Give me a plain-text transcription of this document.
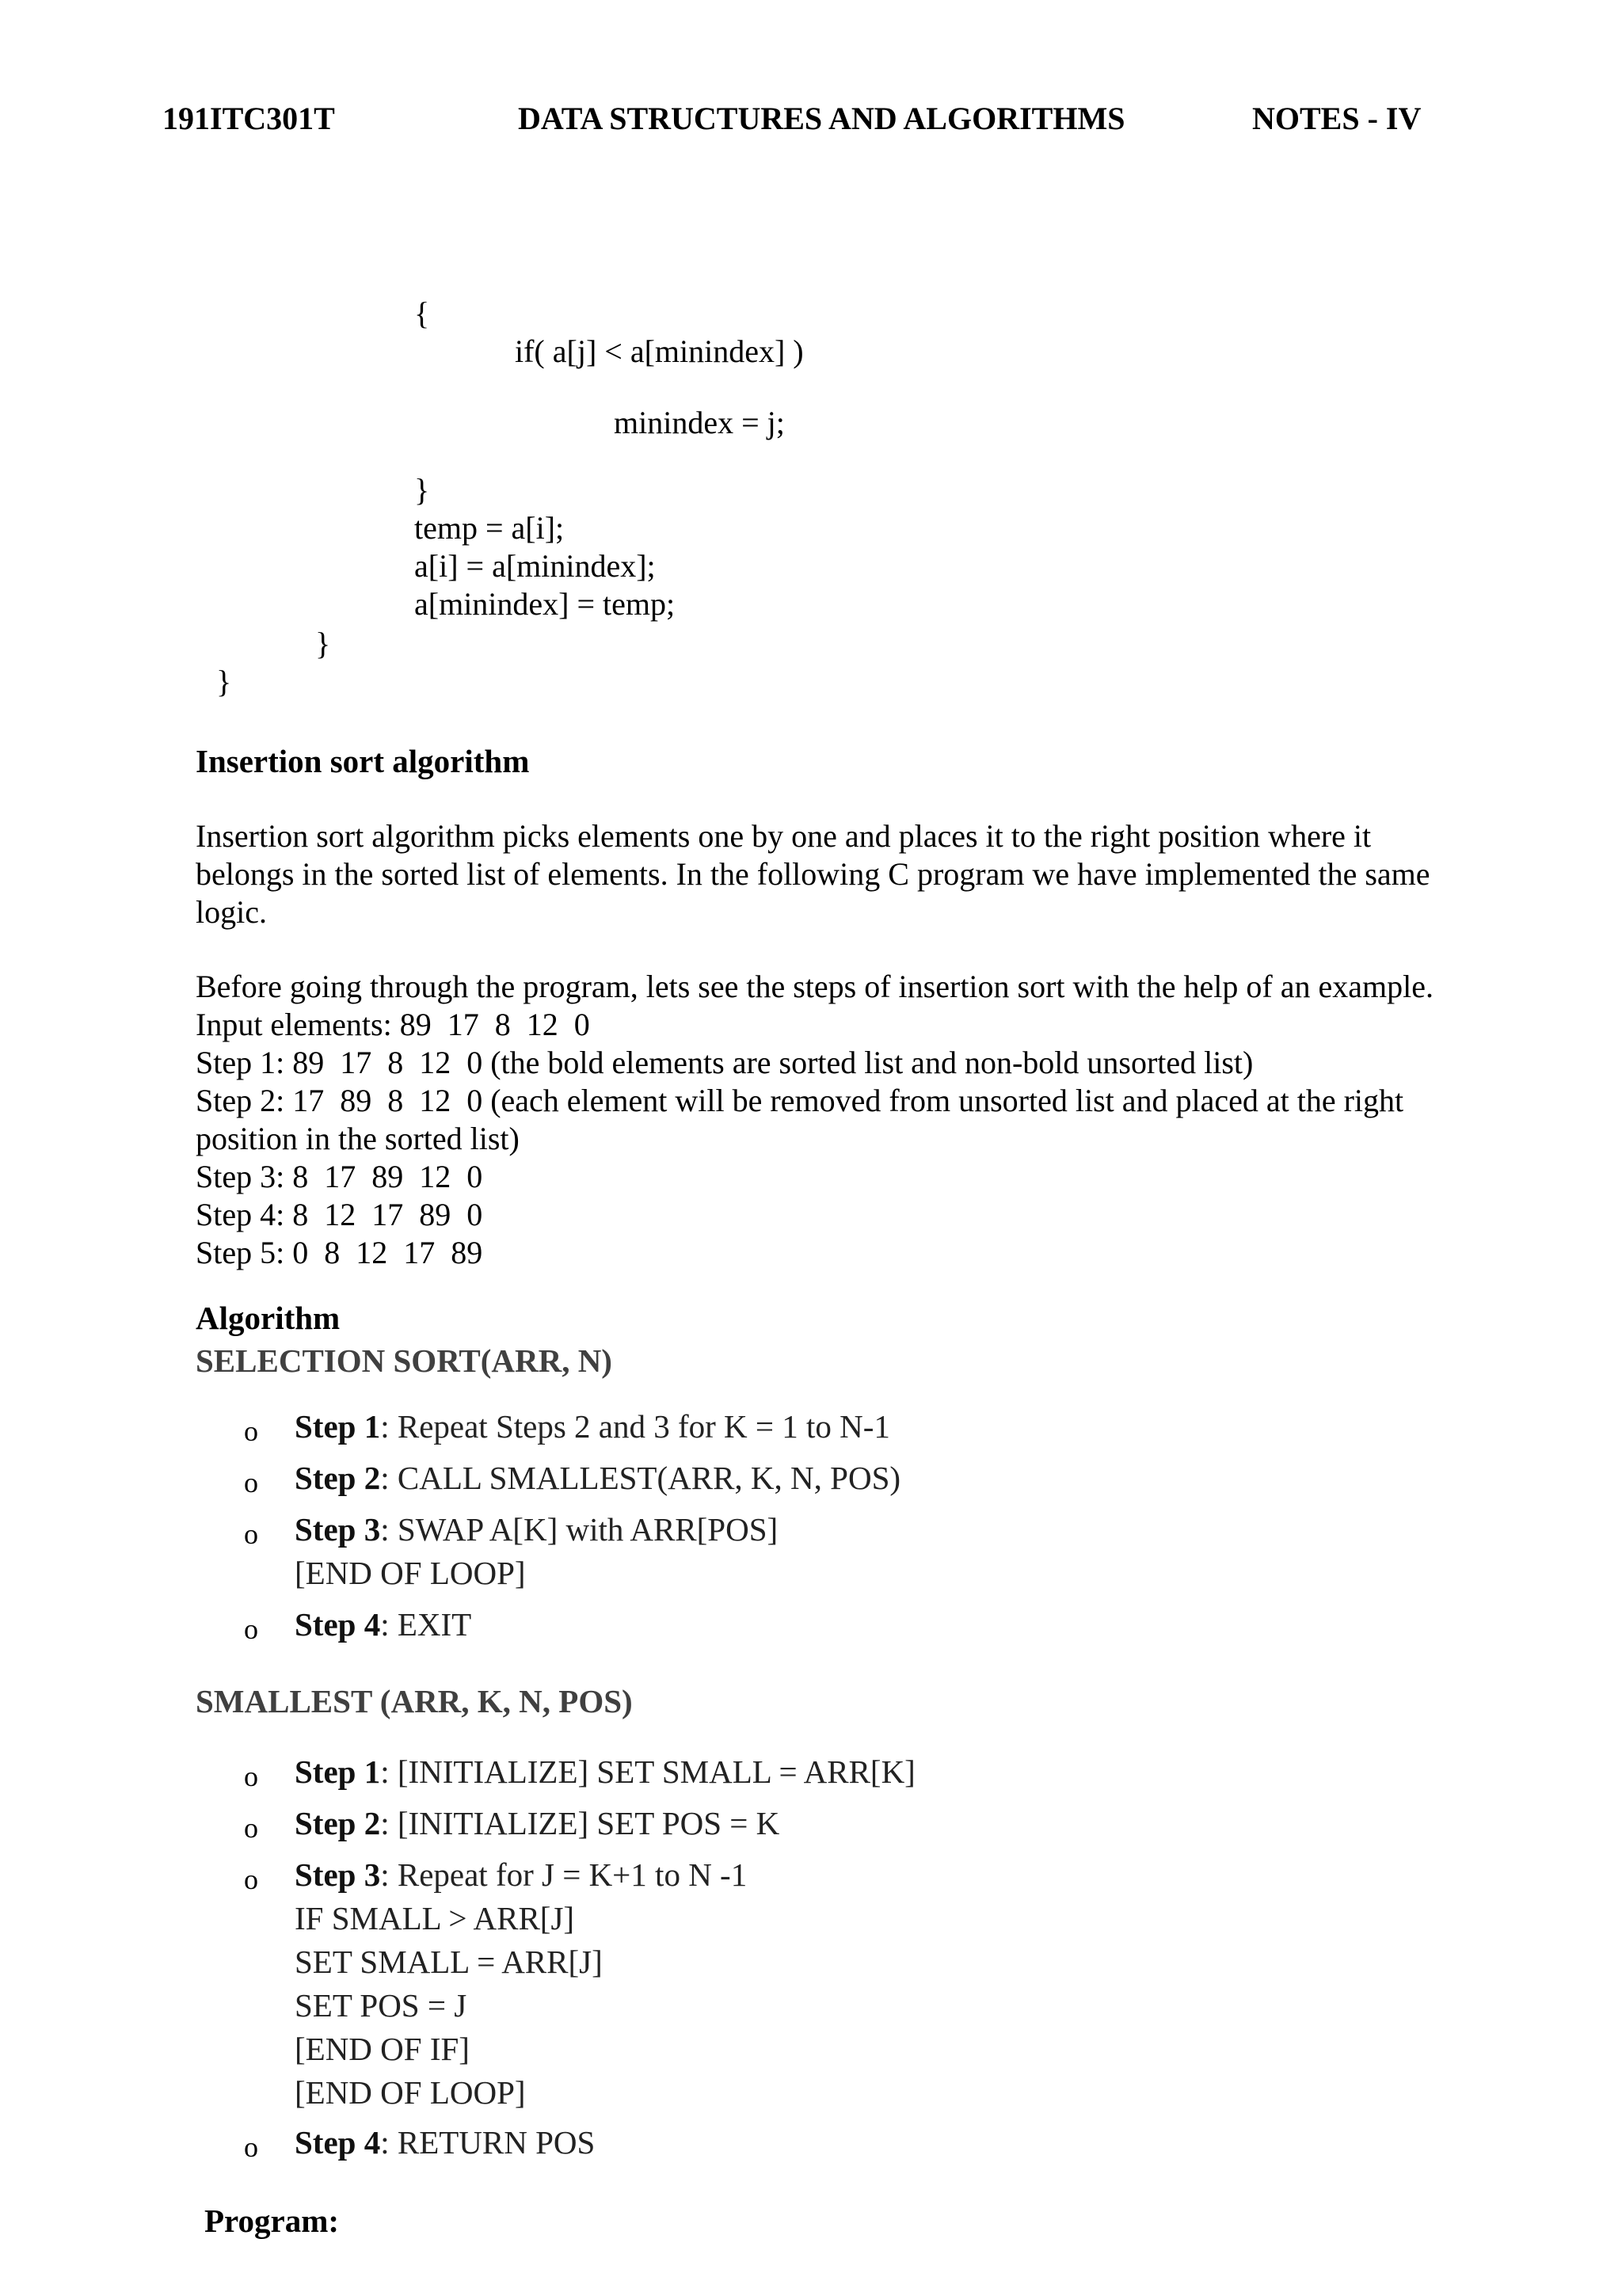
191ITC301T	DATA STRUCTURES AND ALGORITHMS	NOTES - IV
{
if( a[j] < a[minindex] )
minindex = j;
}
temp = a[i];
a[i] = a[minindex];
a[minindex] = temp;
}
}
Insertion sort algorithm
Insertion sort algorithm picks elements one by one and places it to the right position where it
belongs in the sorted list of elements. In the following C program we have implemented the same
logic.
Before going through the program, lets see the steps of insertion sort with the help of an example.
Input elements: 89  17  8  12  0
Step 1: 89  17  8  12  0 (the bold elements are sorted list and non-bold unsorted list)
Step 2: 17  89  8  12  0 (each element will be removed from unsorted list and placed at the right
position in the sorted list)
Step 3: 8  17  89  12  0
Step 4: 8  12  17  89  0
Step 5: 0  8  12  17  89
Algorithm
SELECTION SORT(ARR, N)
o Step 1: Repeat Steps 2 and 3 for K = 1 to N-1
o Step 2: CALL SMALLEST(ARR, K, N, POS)
o Step 3: SWAP A[K] with ARR[POS]
[END OF LOOP]
o Step 4: EXIT
SMALLEST (ARR, K, N, POS)
o Step 1: [INITIALIZE] SET SMALL = ARR[K]
o Step 2: [INITIALIZE] SET POS = K
o Step 3: Repeat for J = K+1 to N -1
IF SMALL > ARR[J]
SET SMALL = ARR[J]
SET POS = J
[END OF IF]
[END OF LOOP]
o Step 4: RETURN POS
Program:
